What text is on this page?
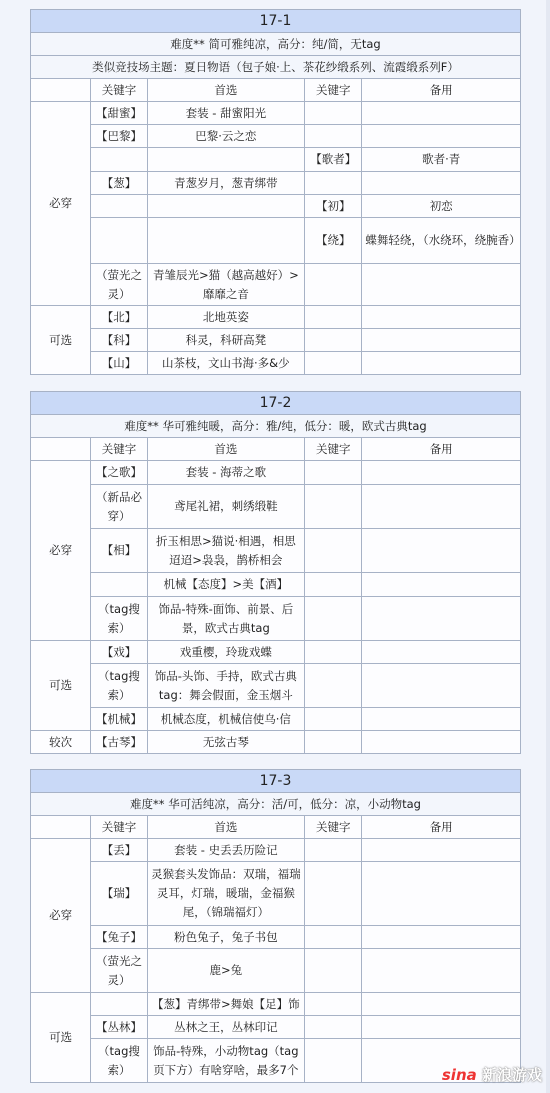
17-1				
难度** 简可雅纯凉，高分：纯/简，无tag				
类似竞技场主题：夏日物语（包子娘·上、茶花纱缎系列、流霞缎系列F）				
	关键字	首选	关键字	备用
必穿	【甜蜜】	套装 - 甜蜜阳光		
	【巴黎】	巴黎·云之恋		
			【歌者】	歌者·青
	【葱】	青葱岁月，葱青绑带		
			【初】	初恋
			【绕】	蝶舞轻绕，（水绕环，绕腕香）
	（萤光之灵）	青雏辰光>猫（越高越好）>靡靡之音		
可选	【北】	北地英姿		
	【科】	科灵，科研高凳		
	【山】	山茶枝，文山书海·多&少		
17-2				
难度** 华可雅纯暖，高分：雅/纯，低分：暖，欧式古典tag				
	关键字	首选	关键字	备用
必穿	【之歌】	套装 - 海蒂之歌		
	（新品必穿）	鸢尾礼裙，刺绣缎鞋		
	【相】	折玉相思>猫说·相遇，相思迢迢>袅袅，鹊桥相会		
		机械【态度】>美【酒】		
	（tag搜索）	饰品-特殊-面饰、前景、后景，欧式古典tag		
可选	【戏】	戏重樱，玲珑戏蝶		
	（tag搜索）	饰品-头饰、手持，欧式古典tag：舞会假面，金玉烟斗		
	【机械】	机械态度，机械信使乌·信		
较次	【古琴】	无弦古琴		
17-3				
难度** 华可活纯凉，高分：活/可，低分：凉，小动物tag				
	关键字	首选	关键字	备用
必穿	【丢】	套装 - 史丢丢历险记		
	【瑞】	灵猴套头发饰品：双瑞，福瑞灵耳，灯瑞，暖瑞，金福猴尾，（锦瑞福灯）		
	【兔子】	粉色兔子，兔子书包		
	（萤光之灵）	鹿>兔		
可选		【葱】青绑带>舞娘【足】饰		
	【丛林】	丛林之王，丛林印记		
	（tag搜索）	饰品-特殊，小动物tag（tag页下方）有啥穿啥，最多7个			sina 新浪游戏
